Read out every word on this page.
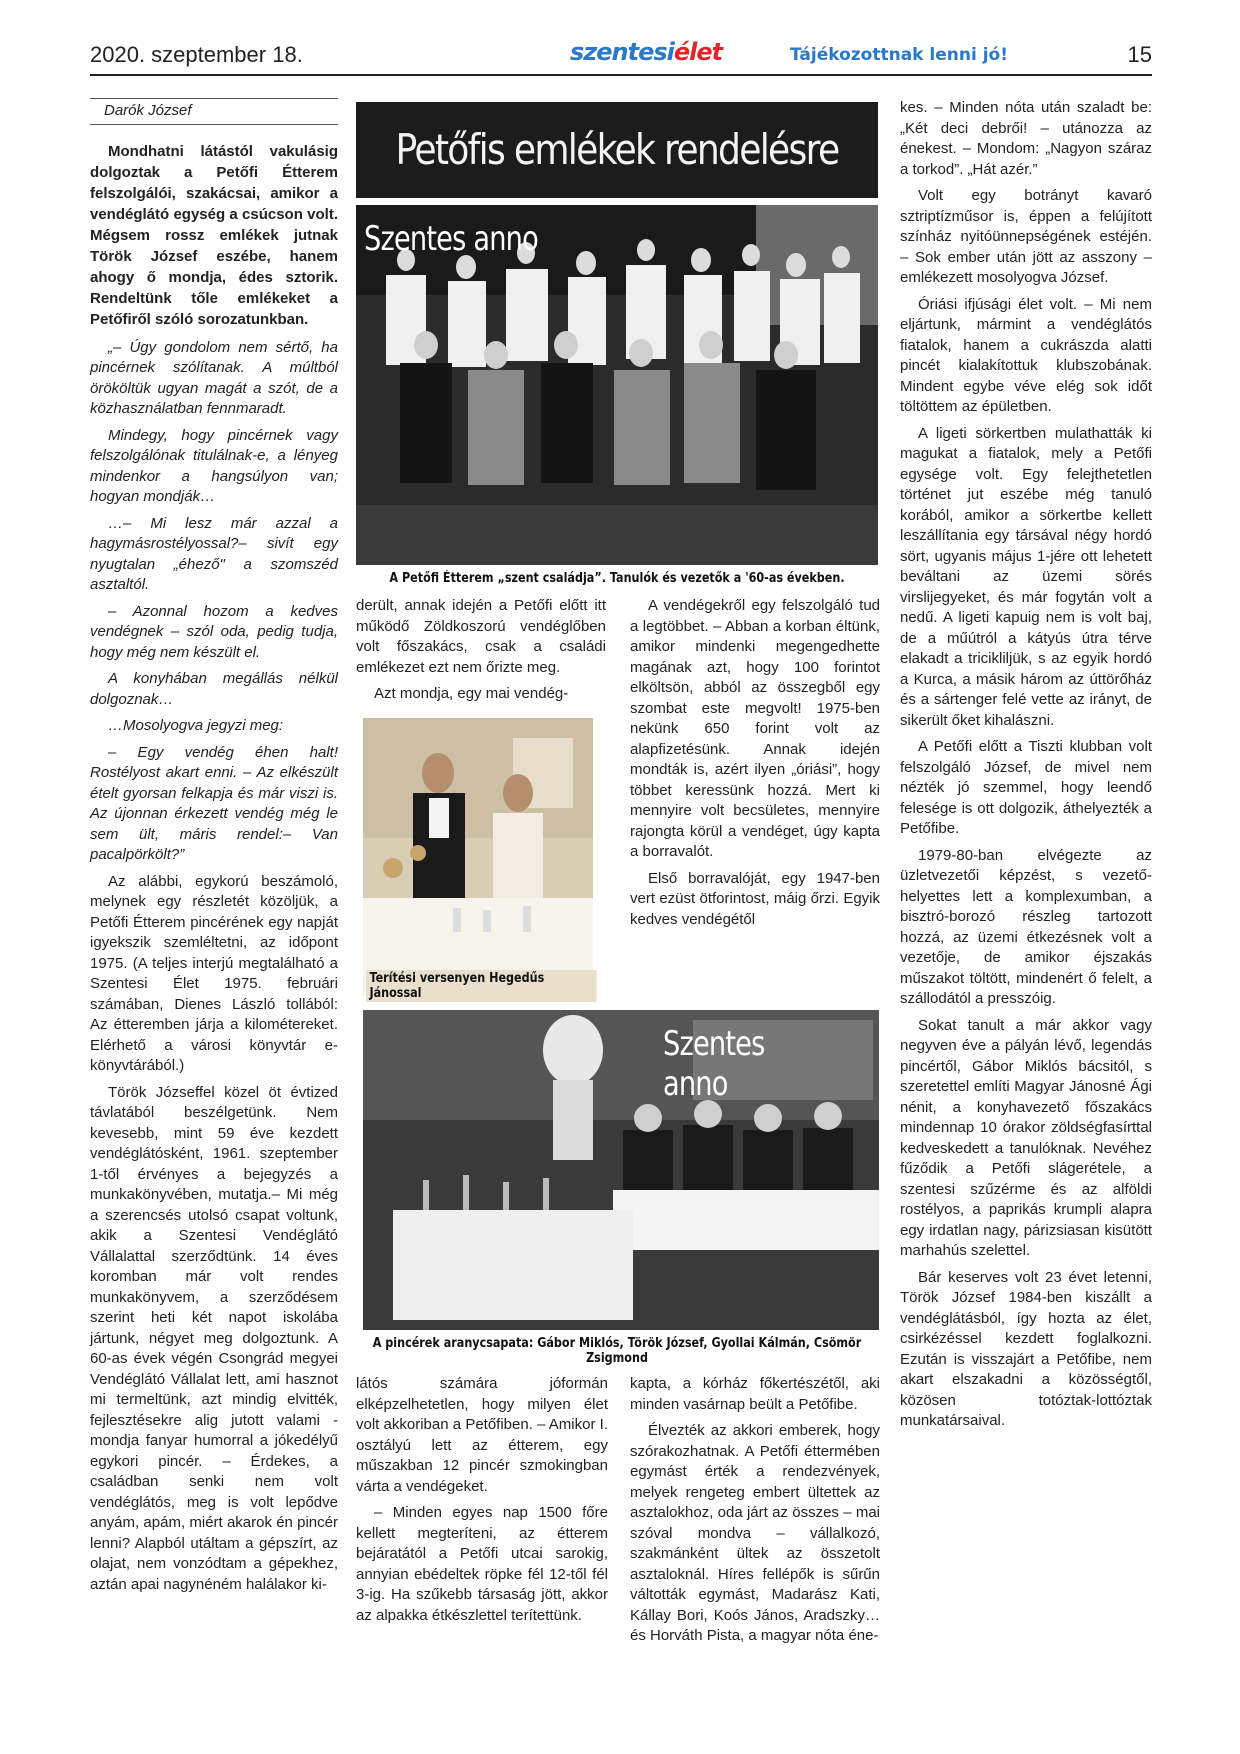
2020. szeptember 18.	szentesiélet	Tájékozottnak lenni jó!	15
Darók József
Mondhatni látástól vakulásig dolgoztak a Petőfi Étterem felszolgálói, szakácsai, amikor a vendéglátó egység a csúcson volt. Mégsem rossz emlékek jutnak Török József eszébe, hanem ahogy ő mondja, édes sztorik. Rendeltünk tőle emlékeket a Petőfiről szóló sorozatunkban.

„– Úgy gondolom nem sértő, ha pincérnek szólítanak. A múltból örököltük ugyan magát a szót, de a közhasználatban fennmaradt.

Mindegy, hogy pincérnek vagy felszolgálónak titulálnak-e, a lényeg mindenkor a hangsúlyon van; hogyan mondják…

…– Mi lesz már azzal a hagymásrostélyossal?– sivít egy nyugtalan „éhező" a szomszéd asztaltól.

– Azonnal hozom a kedves vendégnek – szól oda, pedig tudja, hogy még nem készült el.

A konyhában megállás nélkül dolgoznak…

…Mosolyogva jegyzi meg:

– Egy vendég éhen halt! Rostélyost akart enni. – Az elkészült ételt gyorsan felkapja és már viszi is. Az újonnan érkezett vendég még le sem ült, máris rendel:– Van pacalpörkölt?”

Az alábbi, egykorú beszámoló, melynek egy részletét közöljük, a Petőfi Étterem pincérének egy napját igyekszik szemléltetni, az időpont 1975. (A teljes interjú megtalálható a Szentesi Élet 1975. februári számában, Dienes László tollából: Az étteremben járja a kilométereket. Elérhető a városi könyvtár e-könyvtárából.)

Török Józseffel közel öt évtized távlatából beszélgetünk. Nem kevesebb, mint 59 éve kezdett vendéglátósként, 1961. szeptember 1-től érvényes a bejegyzés a munkakönyvében, mutatja.– Mi még a szerencsés utolsó csapat voltunk, akik a Szentesi Vendéglátó Vállalattal szerződtünk. 14 éves koromban már volt rendes munkakönyvem, a szerződésem szerint heti két napot iskolába jártunk, négyet meg dolgoztunk. A 60-as évek végén Csongrád megyei Vendéglátó Vállalat lett, ami hasznot mi termeltünk, azt mindig elvitték, fejlesztésekre alig jutott valami - mondja fanyar humorral a jókedélyű egykori pincér. – Érdekes, a családban senki nem volt vendéglátós, meg is volt lepődve anyám, apám, miért akarok én pincér lenni? Alapból utáltam a gépszírt, az olajat, nem vonzódtam a gépekhez, aztán apai nagynéném halálakor ki-

Petőfis emlékek rendelésre
Szentes anno
A Petőfi Étterem „szent családja”. Tanulók és vezetők a '60-as években.

derült, annak idején a Petőfi előtt itt működő Zöldkoszorú vendéglőben volt főszakács, csak a családi emlékezet ezt nem őrizte meg.

Azt mondja, egy mai vendég-

A vendégekről egy felszolgáló tud a legtöbbet. – Abban a korban éltünk, amikor mindenki megengedhette magának azt, hogy 100 forintot elköltsön, abból az összegből egy szombat este megvolt! 1975-ben nekünk 650 forint volt az alapfizetésünk. Annak idején mondták is, azért ilyen „óriási”, hogy többet keressünk hozzá. Mert ki mennyire volt becsületes, mennyire rajongta körül a vendéget, úgy kapta a borravalót.

Első borravalóját, egy 1947-ben vert ezüst ötforintost, máig őrzi. Egyik kedves vendégétől

Terítési versenyen Hegedűs Jánossal
Szentes anno
A pincérek aranycsapata: Gábor Miklós, Török József, Gyollai Kálmán, Csömör Zsigmond

látós számára jóformán elképzelhetetlen, hogy milyen élet volt akkoriban a Petőfiben. – Amikor I. osztályú lett az étterem, egy műszakban 12 pincér szmokingban várta a vendégeket.

– Minden egyes nap 1500 főre kellett megteríteni, az étterem bejáratától a Petőfi utcai sarokig, annyian ebédeltek röpke fél 12-től fél 3-ig. Ha szűkebb társaság jött, akkor az alpakka étkészlettel terítettünk.

kapta, a kórház főkertészétől, aki minden vasárnap beült a Petőfibe.

Élvezték az akkori emberek, hogy szórakozhatnak. A Petőfi éttermében egymást érték a rendezvények, melyek rengeteg embert ültettek az asztalokhoz, oda járt az összes – mai szóval mondva – vállalkozó, szakmánként ültek az összetolt asztaloknál. Híres fellépők is sűrűn váltották egymást, Madarász Kati, Kállay Bori, Koós János, Aradszky… és Horváth Pista, a magyar nóta éne-

kes. – Minden nóta után szaladt be: „Két deci debrői! – utánozza az énekest. – Mondom: „Nagyon száraz a torkod”. „Hát azér.”

Volt egy botrányt kavaró sztriptízműsor is, éppen a felújított színház nyitóünnepségének estéjén. – Sok ember után jött az asszony – emlékezett mosolyogva József.

Óriási ifjúsági élet volt. – Mi nem eljártunk, mármint a vendéglátós fiatalok, hanem a cukrászda alatti pincét kialakítottuk klubszobának. Mindent egybe véve elég sok időt töltöttem az épületben.

A ligeti sörkertben mulathatták ki magukat a fiatalok, mely a Petőfi egysége volt. Egy felejthetetlen történet jut eszébe még tanuló korából, amikor a sörkertbe kellett leszállítania egy társával négy hordó sört, ugyanis május 1-jére ott lehetett beváltani az üzemi sörés virslijegyeket, és már fogytán volt a nedű. A ligeti kapuig nem is volt baj, de a műútról a kátyús útra térve elakadt a tricikliljük, s az egyik hordó a Kurca, a másik három az úttörőház és a sártenger felé vette az irányt, de sikerült őket kihalászni.

A Petőfi előtt a Tiszti klubban volt felszolgáló József, de mivel nem nézték jó szemmel, hogy leendő felesége is ott dolgozik, áthelyezték a Petőfibe.

1979-80-ban elvégezte az üzletvezetői képzést, s vezető-helyettes lett a komplexumban, a bisztró-borozó részleg tartozott hozzá, az üzemi étkezésnek volt a vezetője, de amikor éjszakás műszakot töltött, mindenért ő felelt, a szállodától a presszóig.

Sokat tanult a már akkor vagy negyven éve a pályán lévő, legendás pincértől, Gábor Miklós bácsitól, s szeretettel említi Magyar Jánosné Ági nénit, a konyhavezető főszakács mindennap 10 órakor zöldségfasírttal kedveskedett a tanulóknak. Nevéhez fűződik a Petőfi slágerétele, a szentesi szűzérme és az alföldi rostélyos, a paprikás krumpli alapra egy irdatlan nagy, párizsiasan kisütött marhahús szelettel.

Bár keserves volt 23 évet letenni, Török József 1984-ben kiszállt a vendéglátásból, így hozta az élet, csirkézéssel kezdett foglalkozni. Ezután is visszajárt a Petőfibe, nem akart elszakadni a közösségtől, közösen totóztak-lottóztak munkatársaival.
